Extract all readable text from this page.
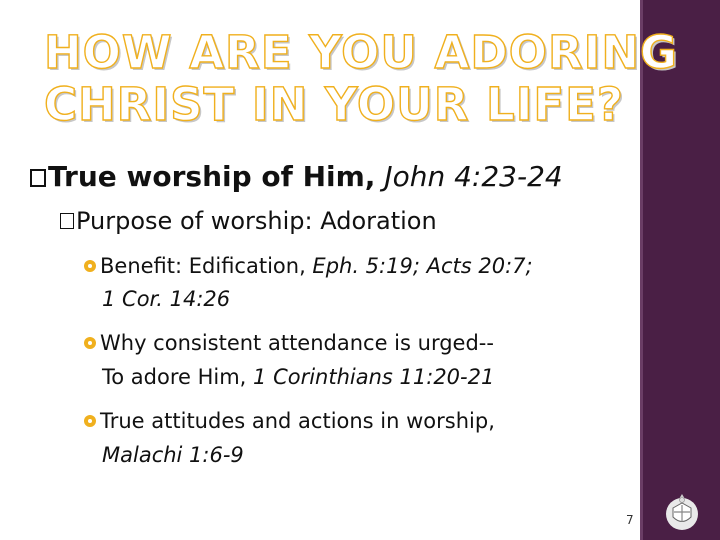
HOW ARE YOU ADORING
CHRIST IN YOUR LIFE?

True worship of Him, John 4:23-24

Purpose of worship: Adoration

Benefit: Edification, Eph. 5:19; Acts 20:7;

1 Cor. 14:26

Why consistent attendance is urged--

To adore Him, 1 Corinthians 11:20-21

True attitudes and actions in worship,

Malachi 1:6-9

7
